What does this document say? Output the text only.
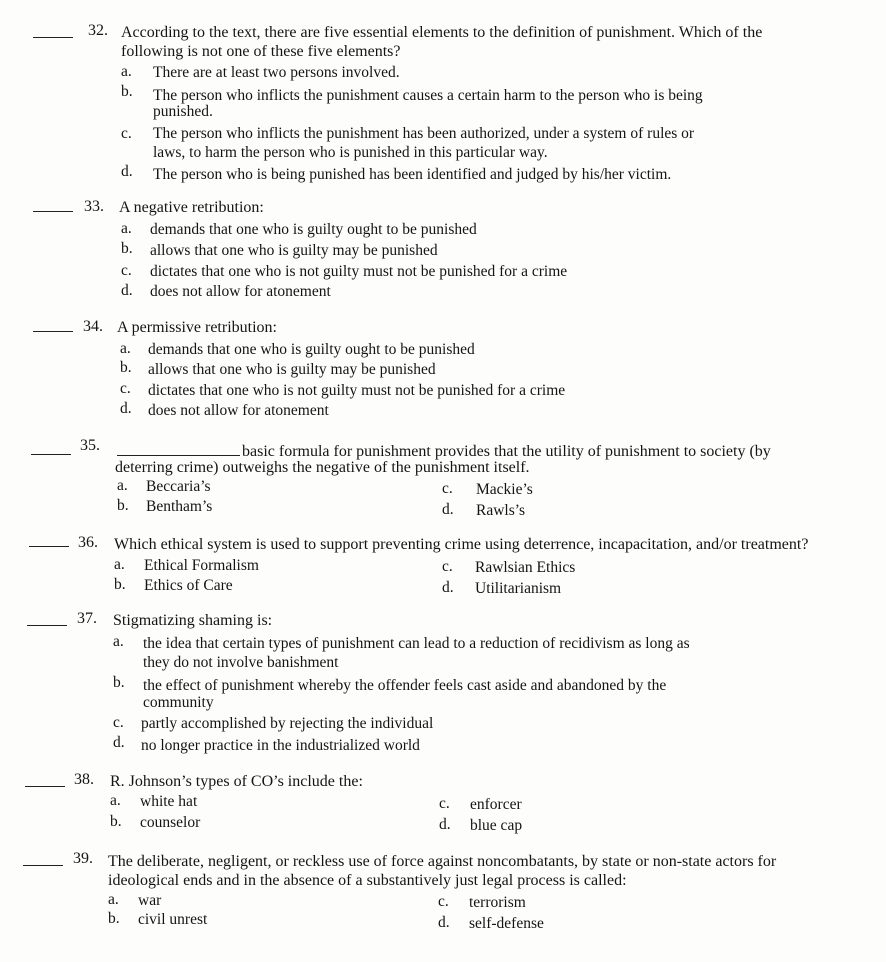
32. According to the text, there are five essential elements to the definition of punishment. Which of the
following is not one of these five elements?
a. There are at least two persons involved.
b. The person who inflicts the punishment causes a certain harm to the person who is being
punished.
c. The person who inflicts the punishment has been authorized, under a system of rules or
laws, to harm the person who is punished in this particular way.
d. The person who is being punished has been identified and judged by his/her victim.
33. A negative retribution:
a. demands that one who is guilty ought to be punished
b. allows that one who is guilty may be punished
c. dictates that one who is not guilty must not be punished for a crime
d. does not allow for atonement
34. A permissive retribution:
a. demands that one who is guilty ought to be punished
b. allows that one who is guilty may be punished
c. dictates that one who is not guilty must not be punished for a crime
d. does not allow for atonement
35.	basic formula for punishment provides that the utility of punishment to society (by
deterring crime) outweighs the negative of the punishment itself.
a. Beccaria’s
b. Bentham’s
c. Mackie’s
d. Rawls’s
36. Which ethical system is used to support preventing crime using deterrence, incapacitation, and/or treatment?
a. Ethical Formalism
b. Ethics of Care
c. Rawlsian Ethics
d. Utilitarianism
37. Stigmatizing shaming is:
a. the idea that certain types of punishment can lead to a reduction of recidivism as long as
they do not involve banishment
b. the effect of punishment whereby the offender feels cast aside and abandoned by the
community
c. partly accomplished by rejecting the individual
d. no longer practice in the industrialized world
38. R. Johnson’s types of CO’s include the:
a. white hat
b. counselor
c. enforcer
d. blue cap
39. The deliberate, negligent, or reckless use of force against noncombatants, by state or non-state actors for
ideological ends and in the absence of a substantively just legal process is called:
a. war
b. civil unrest
c. terrorism
d. self-defense
